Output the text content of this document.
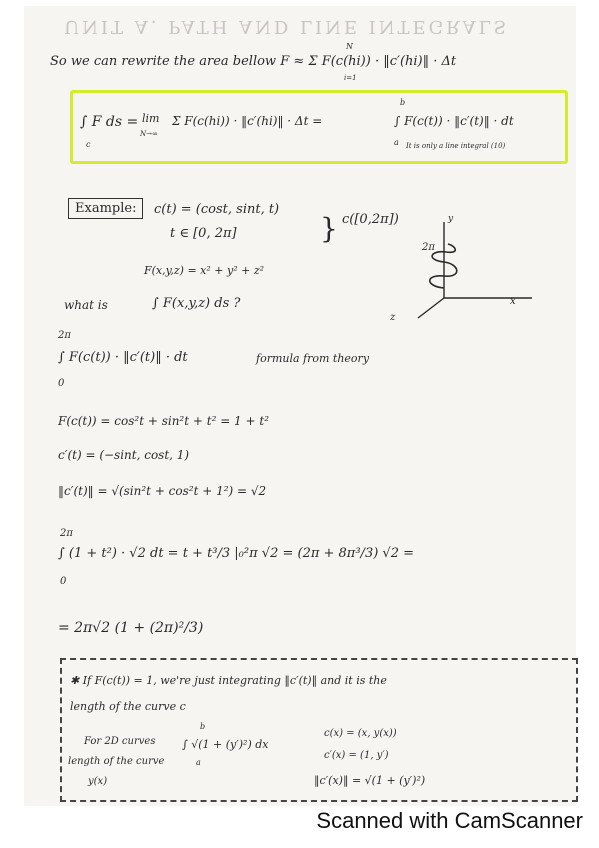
UNIT A. PATH AND LINE INTEGRALS
So we can rewrite the area bellow F ≈ Σ F(c(hi)) · ‖c′(hi)‖ · Δt
N
i=1
∫ F ds =
c
lim
N→∞
Σ F(c(hi)) · ‖c′(hi)‖ · Δt =	∫ F(c(t)) · ‖c′(t)‖ · dt
b
a It is only a line integral (10)
Example:	c(t) = (cost, sint, t)
t ∈ [0, 2π]	} c([0,2π])
F(x,y,z) = x² + y² + z²
what is	∫ F(x,y,z) ds ?
y
x
z
2π
2π
0
∫ F(c(t)) · ‖c′(t)‖ · dt	formula from theory
F(c(t)) = cos²t + sin²t + t² = 1 + t²
c′(t) = (−sint, cost, 1)
‖c′(t)‖ = √(sin²t + cos²t + 1²) = √2
2π
0
∫ (1 + t²) · √2 dt = t + t³/3 |₀²π √2 = (2π + 8π³/3) √2 =
= 2π√2 (1 + (2π)²/3)
✱ If F(c(t)) = 1, we're just integrating ‖c′(t)‖ and it is the
length of the curve c
For 2D curves
length of the curve
y(x)
b
∫ √(1 + (y′)²) dx
a
c(x) = (x, y(x))
c′(x) = (1, y′)
‖c′(x)‖ = √(1 + (y′)²)
Scanned with CamScanner
